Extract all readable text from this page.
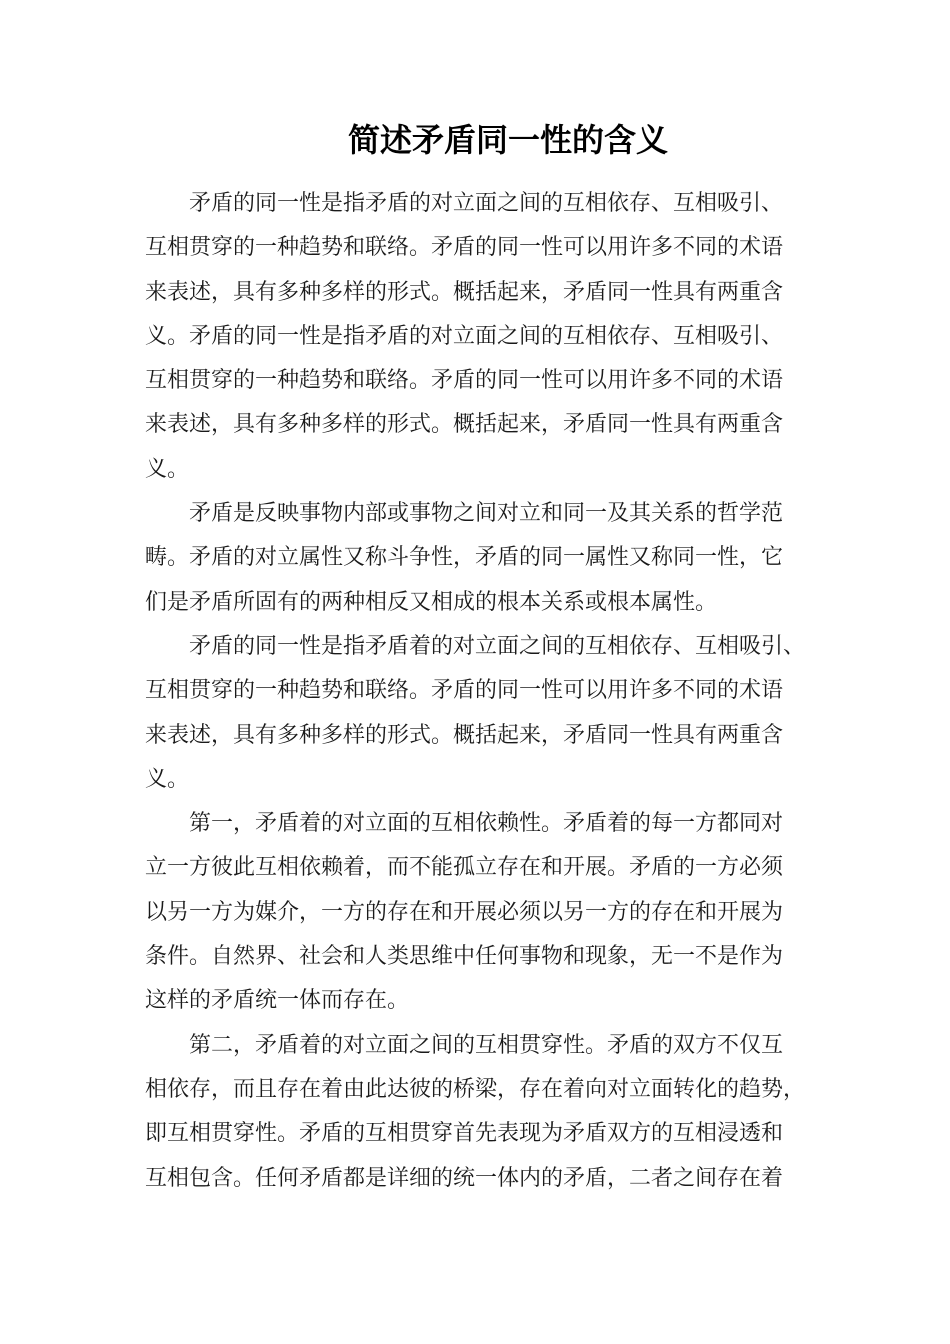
简述矛盾同一性的含义
矛盾的同一性是指矛盾的对立面之间的互相依存、互相吸引、
互相贯穿的一种趋势和联络。矛盾的同一性可以用许多不同的术语
来表述，具有多种多样的形式。概括起来，矛盾同一性具有两重含
义。矛盾的同一性是指矛盾的对立面之间的互相依存、互相吸引、
互相贯穿的一种趋势和联络。矛盾的同一性可以用许多不同的术语
来表述，具有多种多样的形式。概括起来，矛盾同一性具有两重含
义。
矛盾是反映事物内部或事物之间对立和同一及其关系的哲学范
畴。矛盾的对立属性又称斗争性，矛盾的同一属性又称同一性，它
们是矛盾所固有的两种相反又相成的根本关系或根本属性。
矛盾的同一性是指矛盾着的对立面之间的互相依存、互相吸引、
互相贯穿的一种趋势和联络。矛盾的同一性可以用许多不同的术语
来表述，具有多种多样的形式。概括起来，矛盾同一性具有两重含
义。
第一，矛盾着的对立面的互相依赖性。矛盾着的每一方都同对
立一方彼此互相依赖着，而不能孤立存在和开展。矛盾的一方必须
以另一方为媒介，一方的存在和开展必须以另一方的存在和开展为
条件。自然界、社会和人类思维中任何事物和现象，无一不是作为
这样的矛盾统一体而存在。
第二，矛盾着的对立面之间的互相贯穿性。矛盾的双方不仅互
相依存，而且存在着由此达彼的桥梁，存在着向对立面转化的趋势，
即互相贯穿性。矛盾的互相贯穿首先表现为矛盾双方的互相浸透和
互相包含。任何矛盾都是详细的统一体内的矛盾，二者之间存在着
